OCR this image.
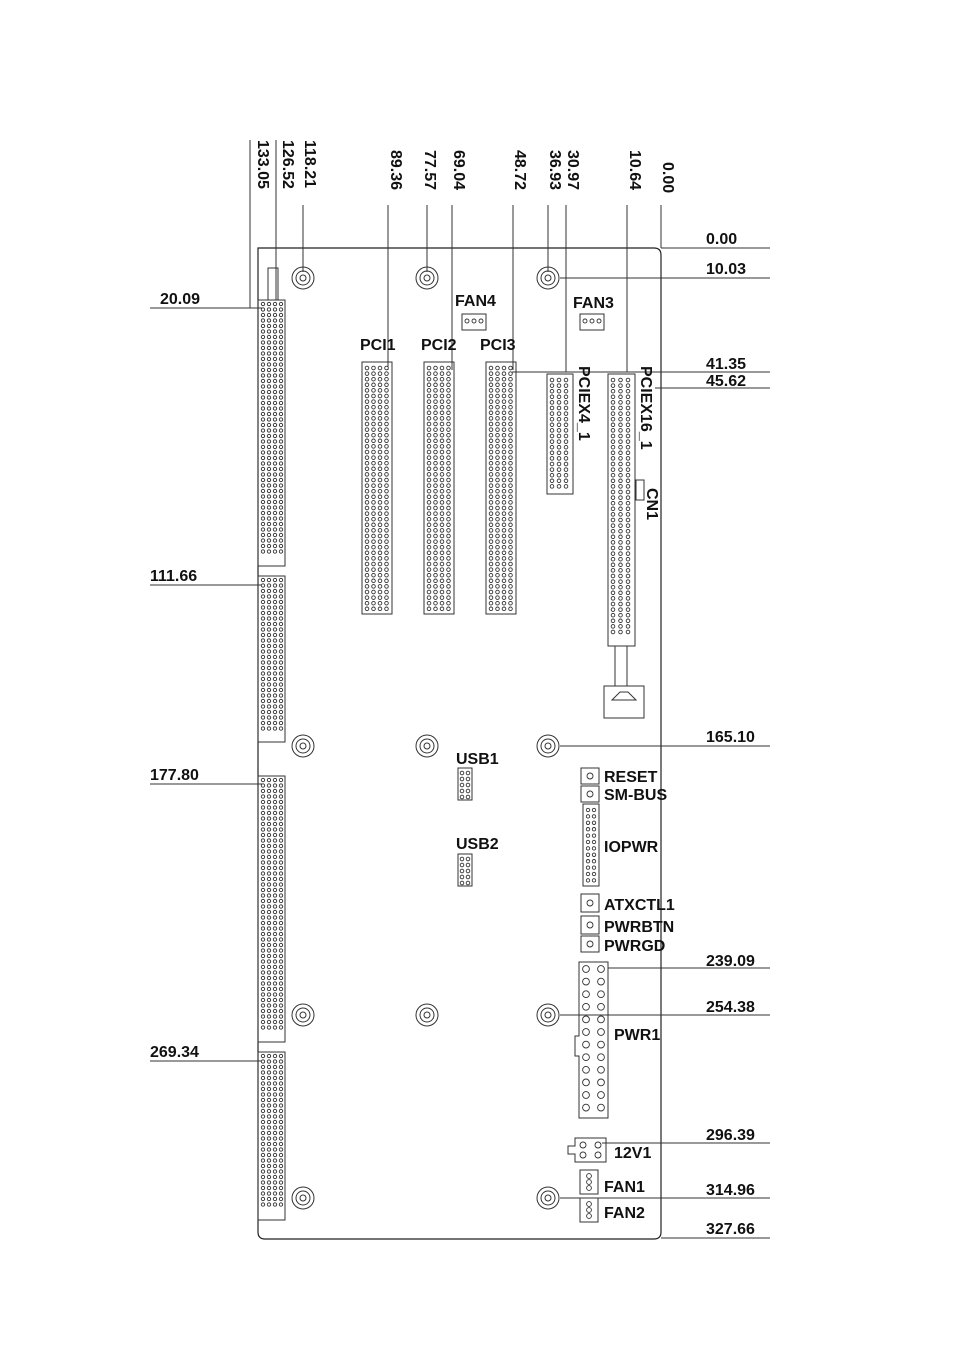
133.05 126.52 118.21	89.36 77.57 69.04	48.72 36.93 30.97	10.64 0.00
0.00
10.03
41.35
45.62
165.10
239.09
254.38
296.39
314.96
327.66
20.09
111.66
177.80
269.34
FAN4	FAN3
PCI1 PCI2 PCI3
PCIEX4_1	PCIEX16_1
CN1
USB1
USB2
RESET
SM-BUS
IOPWR
ATXCTL1
PWRBTN
PWRGD
PWR1
12V1
FAN1
FAN2
